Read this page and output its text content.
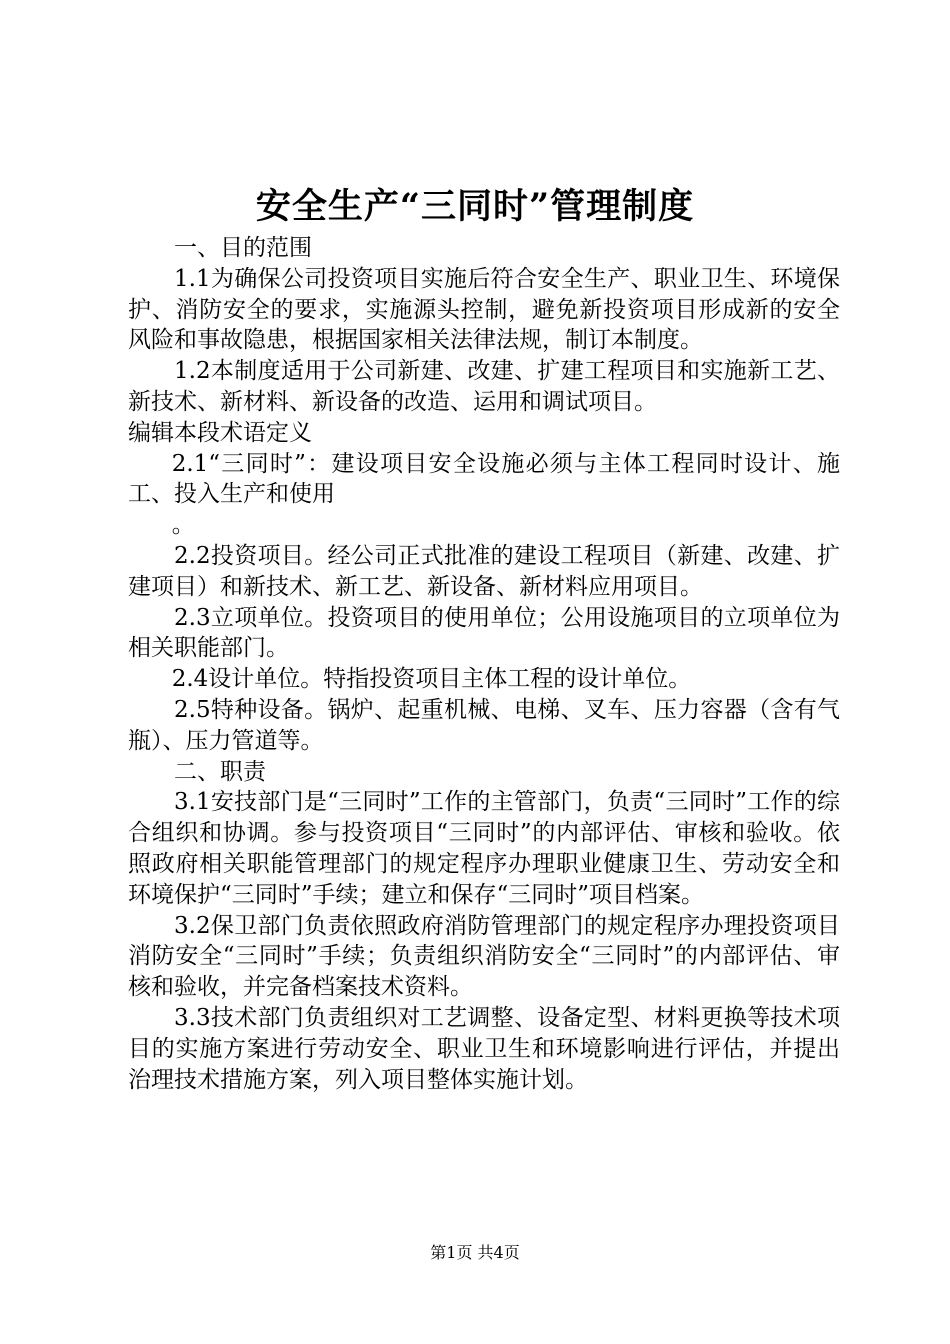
安全生产“三同时”管理制度

一、目的范围

1.1为确保公司投资项目实施后符合安全生产、职业卫生、环境保护、消防安全的要求，实施源头控制，避免新投资项目形成新的安全风险和事故隐患，根据国家相关法律法规，制订本制度。

1.2本制度适用于公司新建、改建、扩建工程项目和实施新工艺、新技术、新材料、新设备的改造、运用和调试项目。

编辑本段术语定义

2.1“三同时”：建设项目安全设施必须与主体工程同时设计、施工、投入生产和使用

。

2.2投资项目。经公司正式批准的建设工程项目（新建、改建、扩建项目）和新技术、新工艺、新设备、新材料应用项目。

2.3立项单位。投资项目的使用单位；公用设施项目的立项单位为相关职能部门。

2.4设计单位。特指投资项目主体工程的设计单位。

2.5特种设备。锅炉、起重机械、电梯、叉车、压力容器（含有气瓶）、压力管道等。

二、职责

3.1安技部门是“三同时”工作的主管部门，负责“三同时”工作的综合组织和协调。参与投资项目“三同时”的内部评估、审核和验收。依照政府相关职能管理部门的规定程序办理职业健康卫生、劳动安全和环境保护“三同时”手续；建立和保存“三同时”项目档案。

3.2保卫部门负责依照政府消防管理部门的规定程序办理投资项目消防安全“三同时”手续；负责组织消防安全“三同时”的内部评估、审核和验收，并完备档案技术资料。

3.3技术部门负责组织对工艺调整、设备定型、材料更换等技术项目的实施方案进行劳动安全、职业卫生和环境影响进行评估，并提出治理技术措施方案，列入项目整体实施计划。

第1页 共4页
